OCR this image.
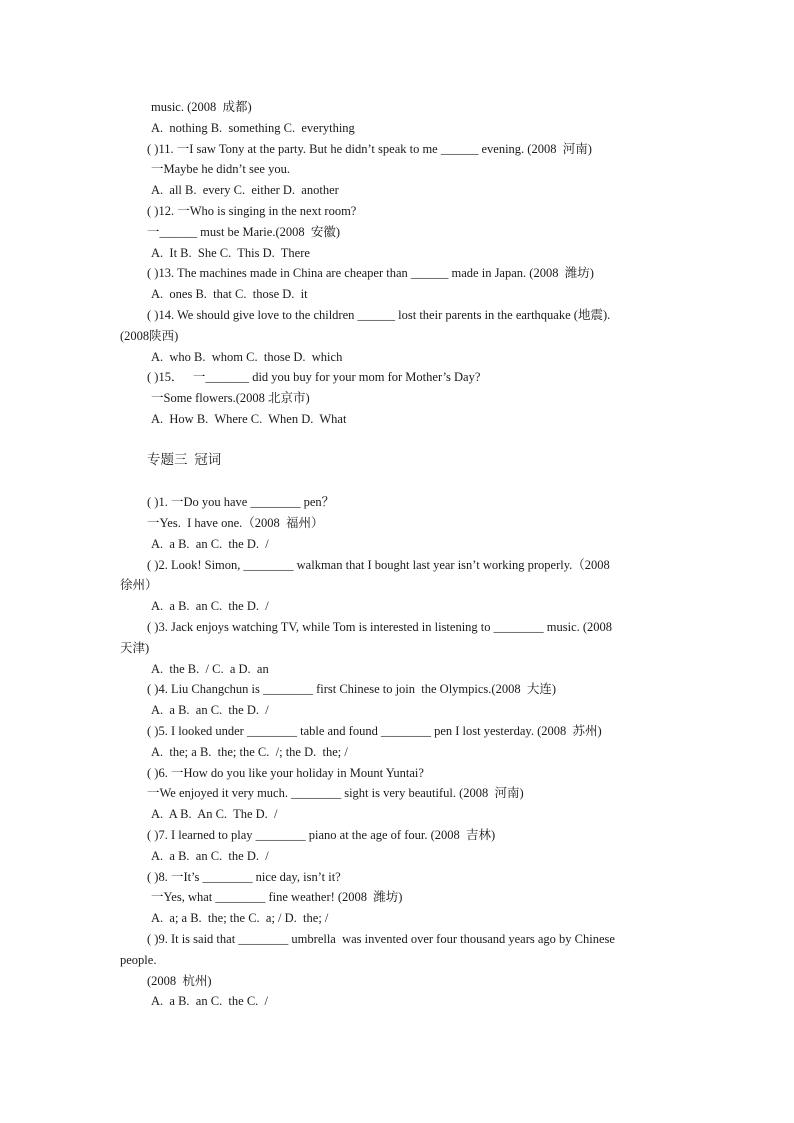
music. (2008  成都)
A.  nothing B.  something C.  everything
( )11. 一I saw Tony at the party. But he didn’t speak to me ______ evening. (2008  河南)
一Maybe he didn’t see you.
A.  all B.  every C.  either D.  another
( )12. 一Who is singing in the next room?
一______ must be Marie.(2008  安徽)
A.  It B.  She C.  This D.  There
( )13. The machines made in China are cheaper than ______ made in Japan. (2008  潍坊)
A.  ones B.  that C.  those D.  it
( )14. We should give love to the children ______ lost their parents in the earthquake (地震).
(2008陕西)
A.  who B.  whom C.  those D.  which
( )15．   一_______ did you buy for your mom for Mother’s Day?
一Some flowers.(2008 北京市)
A.  How B.  Where C.  When D.  What
专题三  冠词
( )1. 一Do you have ________ pen？
一Yes.  I have one.（2008  福州）
A.  a B.  an C.  the D.  /
( )2. Look! Simon, ________ walkman that I bought last year isn’t working properly.（2008
徐州）
A.  a B.  an C.  the D.  /
( )3. Jack enjoys watching TV, while Tom is interested in listening to ________ music. (2008
天津)
A.  the B.  / C.  a D.  an
( )4. Liu Changchun is ________ first Chinese to join  the Olympics.(2008  大连)
A.  a B.  an C.  the D.  /
( )5. I looked under ________ table and found ________ pen I lost yesterday. (2008  苏州)
A.  the; a B.  the; the C.  /; the D.  the; /
( )6. 一How do you like your holiday in Mount Yuntai?
一We enjoyed it very much. ________ sight is very beautiful. (2008  河南)
A.  A B.  An C.  The D.  /
( )7. I learned to play ________ piano at the age of four. (2008  吉林)
A.  a B.  an C.  the D.  /
( )8. 一It’s ________ nice day, isn’t it?
一Yes, what ________ fine weather! (2008  潍坊)
A.  a; a B.  the; the C.  a; / D.  the; /
( )9. It is said that ________ umbrella  was invented over four thousand years ago by Chinese
people.
(2008  杭州)
A.  a B.  an C.  the C.  /
